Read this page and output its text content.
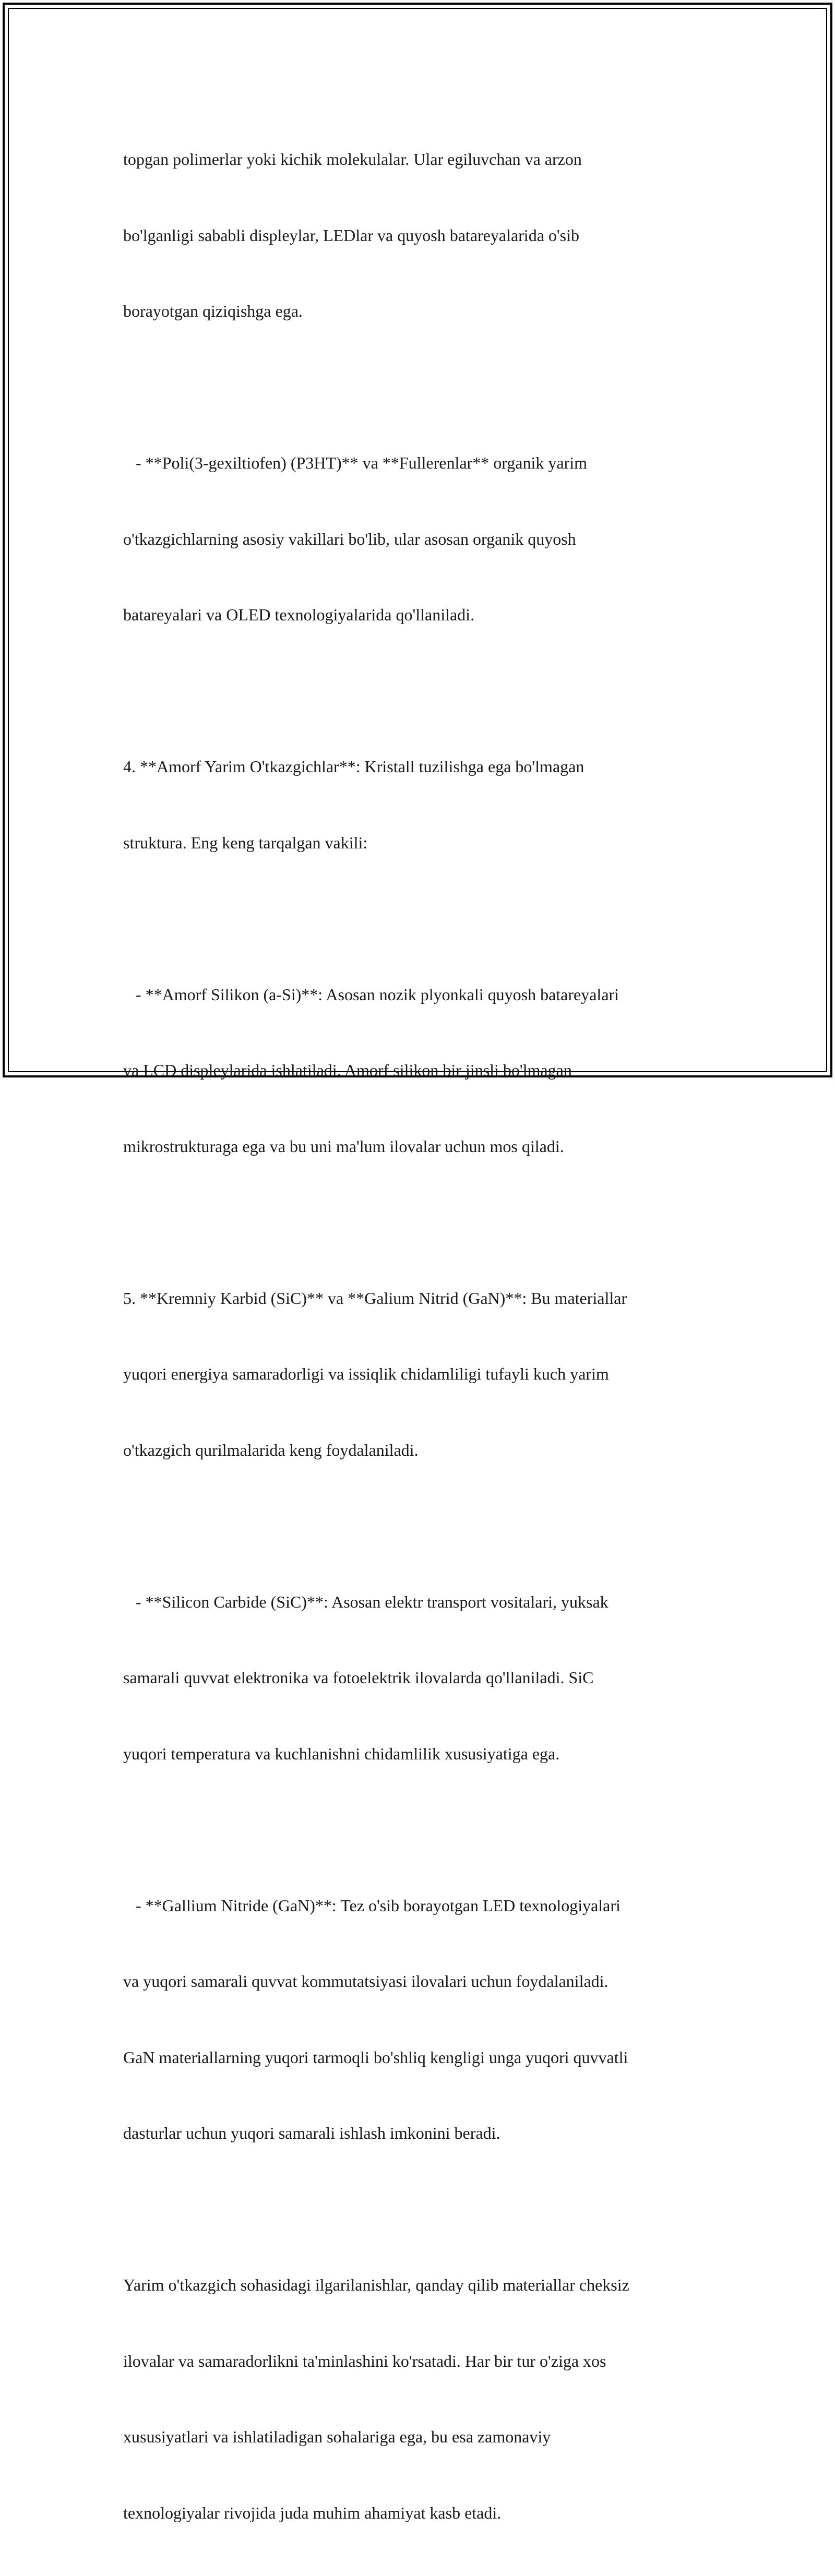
topgan polimerlar yoki kichik molekulalar. Ular egiluvchan va arzon

bo'lganligi sababli displeylar, LEDlar va quyosh batareyalarida o'sib

borayotgan qiziqishga ega.

- **Poli(3-gexiltiofen) (P3HT)** va **Fullerenlar** organik yarim

o'tkazgichlarning asosiy vakillari bo'lib, ular asosan organik quyosh

batareyalari va OLED texnologiyalarida qo'llaniladi.

4. **Amorf Yarim O'tkazgichlar**: Kristall tuzilishga ega bo'lmagan

struktura. Eng keng tarqalgan vakili:

- **Amorf Silikon (a-Si)**: Asosan nozik plyonkali quyosh batareyalari

va LCD displeylarida ishlatiladi. Amorf silikon bir jinsli bo'lmagan

mikrostrukturaga ega va bu uni ma'lum ilovalar uchun mos qiladi.

5. **Kremniy Karbid (SiC)** va **Galium Nitrid (GaN)**: Bu materiallar

yuqori energiya samaradorligi va issiqlik chidamliligi tufayli kuch yarim

o'tkazgich qurilmalarida keng foydalaniladi.

- **Silicon Carbide (SiC)**: Asosan elektr transport vositalari, yuksak

samarali quvvat elektronika va fotoelektrik ilovalarda qo'llaniladi. SiC

yuqori temperatura va kuchlanishni chidamlilik xususiyatiga ega.

- **Gallium Nitride (GaN)**: Tez o'sib borayotgan LED texnologiyalari

va yuqori samarali quvvat kommutatsiyasi ilovalari uchun foydalaniladi.

GaN materiallarning yuqori tarmoqli bo'shliq kengligi unga yuqori quvvatli

dasturlar uchun yuqori samarali ishlash imkonini beradi.

Yarim o'tkazgich sohasidagi ilgarilanishlar, qanday qilib materiallar cheksiz

ilovalar va samaradorlikni ta'minlashini ko'rsatadi. Har bir tur o'ziga xos

xususiyatlari va ishlatiladigan sohalariga ega, bu esa zamonaviy

texnologiyalar rivojida juda muhim ahamiyat kasb etadi.
